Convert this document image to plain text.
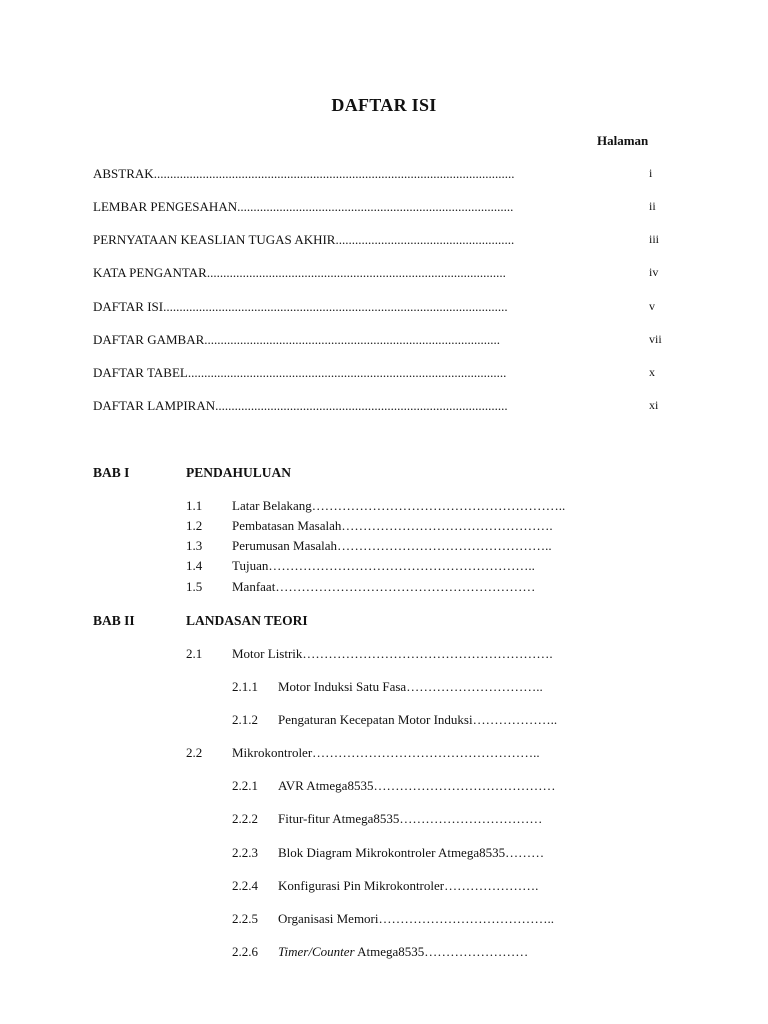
DAFTAR ISI
Halaman
ABSTRAK...............................................................................................................	i
LEMBAR PENGESAHAN.....................................................................................	ii
PERNYATAAN KEASLIAN TUGAS AKHIR.......................................................	iii
KATA PENGANTAR............................................................................................	iv
DAFTAR ISI..........................................................................................................	v
DAFTAR GAMBAR...........................................................................................	vii
DAFTAR TABEL..................................................................................................	x
DAFTAR LAMPIRAN..........................................................................................	xi
BAB I	PENDAHULUAN
1.1 Latar Belakang…………………………………………………..
1.2 Pembatasan Masalah………………………………………….
1.3 Perumusan Masalah…………………………………………..
1.4 Tujuan……………………………………………………..
1.5 Manfaat……………………………………………………
BAB II	LANDASAN TEORI
2.1 Motor Listrik………………………………………………….
2.1.1 Motor Induksi Satu Fasa…………………………..
2.1.2 Pengaturan Kecepatan Motor Induksi………………..
2.2 Mikrokontroler……………………………………………..
2.2.1 AVR Atmega8535……………………………………
2.2.2 Fitur-fitur Atmega8535……………………………
2.2.3 Blok Diagram Mikrokontroler Atmega8535………
2.2.4 Konfigurasi Pin Mikrokontroler………………….
2.2.5 Organisasi Memori…………………………………..
2.2.6 Timer/Counter Atmega8535……………………
